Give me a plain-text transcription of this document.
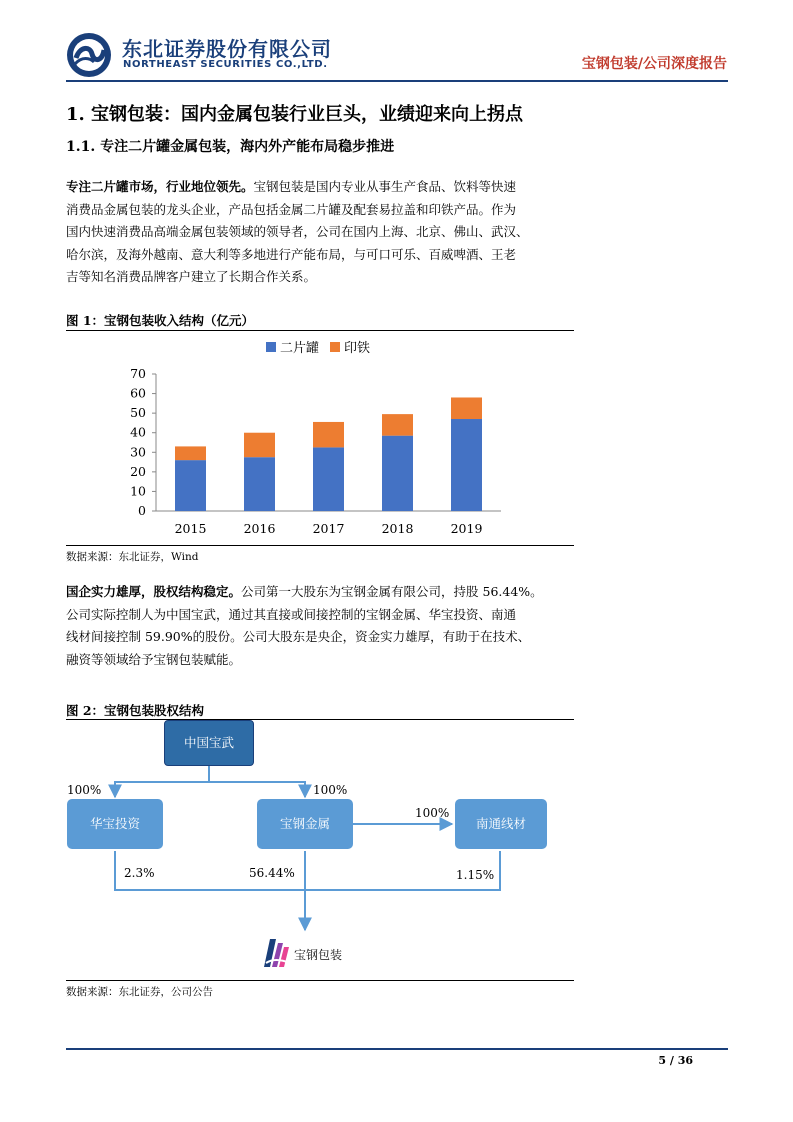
东北证券股份有限公司
NORTHEAST SECURITIES CO.,LTD.	宝钢包装/公司深度报告
1. 宝钢包装：国内金属包装行业巨头，业绩迎来向上拐点
1.1. 专注二片罐金属包装，海内外产能布局稳步推进
专注二片罐市场，行业地位领先。宝钢包装是国内专业从事生产食品、饮料等快速
消费品金属包装的龙头企业，产品包括金属二片罐及配套易拉盖和印铁产品。作为
国内快速消费品高端金属包装领域的领导者，公司在国内上海、北京、佛山、武汉、
哈尔滨，及海外越南、意大利等多地进行产能布局，与可口可乐、百威啤酒、王老
吉等知名消费品牌客户建立了长期合作关系。
图 1：宝钢包装收入结构（亿元）
二片罐 印铁
0
10
20
30
40
50
60
70
2015	2016	2017	2018	2019
数据来源：东北证券，Wind
国企实力雄厚，股权结构稳定。公司第一大股东为宝钢金属有限公司，持股 56.44%。
公司实际控制人为中国宝武，通过其直接或间接控制的宝钢金属、华宝投资、南通
线材间接控制 59.90%的股份。公司大股东是央企，资金实力雄厚，有助于在技术、
融资等领域给予宝钢包装赋能。
图 2：宝钢包装股权结构
中国宝武
华宝投资	宝钢金属	南通线材
100%	100%
100%
2.3%	56.44%	1.15%
宝钢包装
数据来源：东北证券，公司公告
5 / 36
